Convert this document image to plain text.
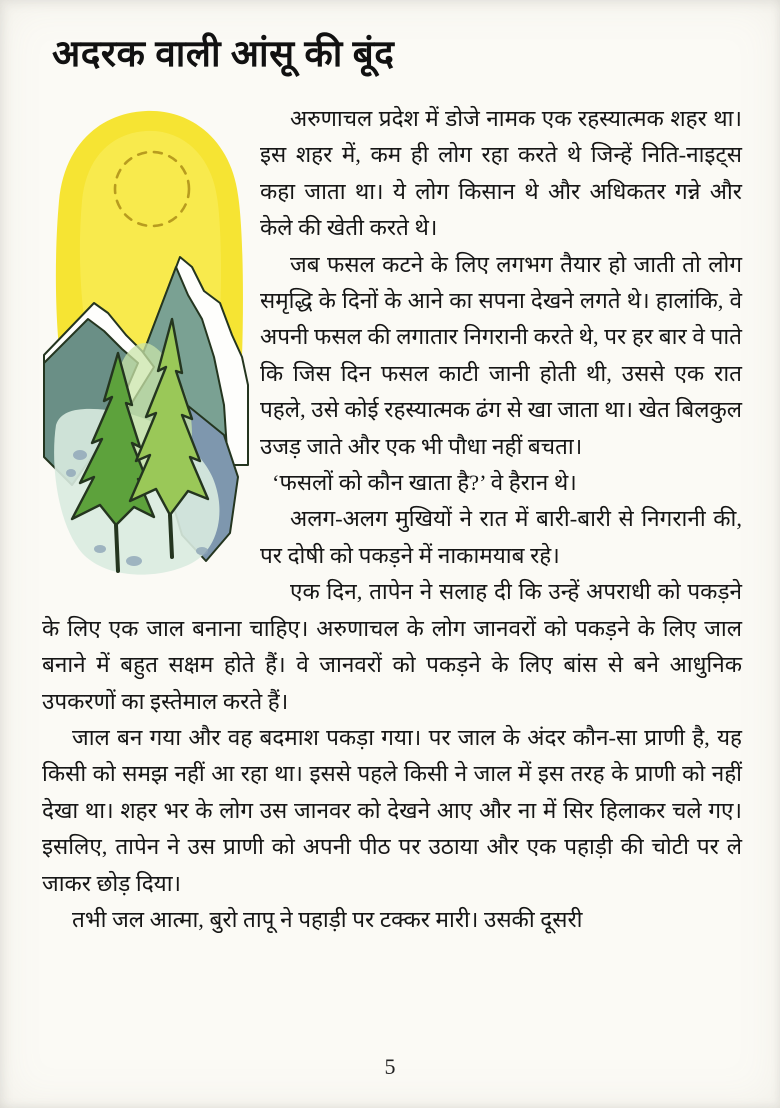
अदरक वाली आंसू की बूंद

अरुणाचल प्रदेश में डोजे नामक एक रहस्यात्मक शहर था। इस शहर में, कम ही लोग रहा करते थे जिन्हें निति-नाइट्स कहा जाता था। ये लोग किसान थे और अधिकतर गन्ने और केले की खेती करते थे।

जब फसल कटने के लिए लगभग तैयार हो जाती तो लोग समृद्धि के दिनों के आने का सपना देखने लगते थे। हालांकि, वे अपनी फसल की लगातार निगरानी करते थे, पर हर बार वे पाते कि जिस दिन फसल काटी जानी होती थी, उससे एक रात पहले, उसे कोई रहस्यात्मक ढंग से खा जाता था। खेत बिलकुल उजड़ जाते और एक भी पौधा नहीं बचता।

‘फसलों को कौन खाता है?’ वे हैरान थे।

अलग-अलग मुखियों ने रात में बारी-बारी से निगरानी की, पर दोषी को पकड़ने में नाकामयाब रहे।

एक दिन, तापेन ने सलाह दी कि उन्हें अपराधी को पकड़ने के लिए एक जाल बनाना चाहिए। अरुणाचल के लोग जानवरों को पकड़ने के लिए जाल बनाने में बहुत सक्षम होते हैं। वे जानवरों को पकड़ने के लिए बांस से बने आधुनिक उपकरणों का इस्तेमाल करते हैं।

जाल बन गया और वह बदमाश पकड़ा गया। पर जाल के अंदर कौन-सा प्राणी है, यह किसी को समझ नहीं आ रहा था। इससे पहले किसी ने जाल में इस तरह के प्राणी को नहीं देखा था। शहर भर के लोग उस जानवर को देखने आए और ना में सिर हिलाकर चले गए। इसलिए, तापेन ने उस प्राणी को अपनी पीठ पर उठाया और एक पहाड़ी की चोटी पर ले जाकर छोड़ दिया।

तभी जल आत्मा, बुरो तापू ने पहाड़ी पर टक्कर मारी। उसकी दूसरी

5
